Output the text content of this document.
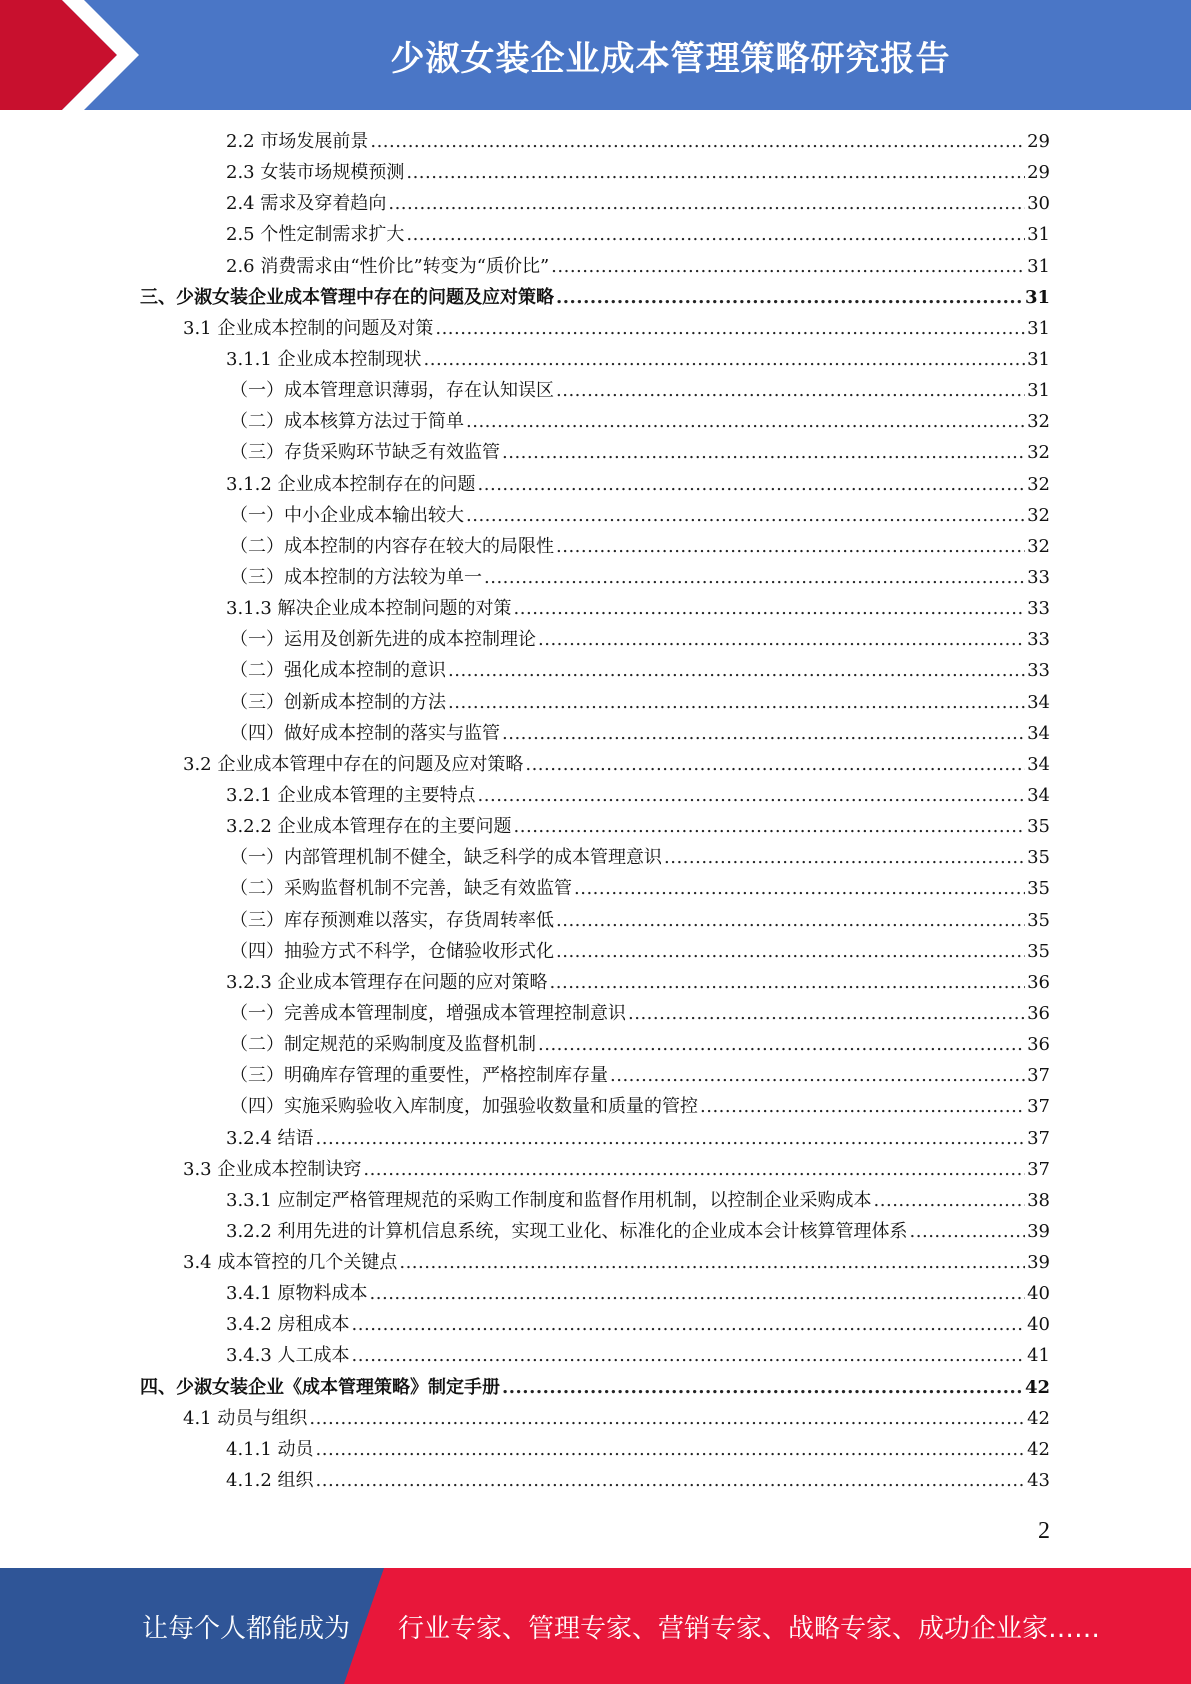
少淑女装企业成本管理策略研究报告
2.2 市场发展前景 .....	29
2.3 女装市场规模预测 .....	29
2.4 需求及穿着趋向 .....	30
2.5 个性定制需求扩大 .....	31
2.6 消费需求由“性价比”转变为“质价比” .....	31
三、少淑女装企业成本管理中存在的问题及应对策略 .....	31
3.1 企业成本控制的问题及对策 .....	31
3.1.1 企业成本控制现状 .....	31
（一）成本管理意识薄弱，存在认知误区 .....	31
（二）成本核算方法过于简单 .....	32
（三）存货采购环节缺乏有效监管 .....	32
3.1.2 企业成本控制存在的问题 .....	32
（一）中小企业成本输出较大 .....	32
（二）成本控制的内容存在较大的局限性 .....	32
（三）成本控制的方法较为单一 .....	33
3.1.3 解决企业成本控制问题的对策 .....	33
（一）运用及创新先进的成本控制理论 .....	33
（二）强化成本控制的意识 .....	33
（三）创新成本控制的方法 .....	34
（四）做好成本控制的落实与监管 .....	34
3.2 企业成本管理中存在的问题及应对策略 .....	34
3.2.1 企业成本管理的主要特点 .....	34
3.2.2 企业成本管理存在的主要问题 .....	35
（一）内部管理机制不健全，缺乏科学的成本管理意识 .....	35
（二）采购监督机制不完善，缺乏有效监管 .....	35
（三）库存预测难以落实，存货周转率低 .....	35
（四）抽验方式不科学，仓储验收形式化 .....	35
3.2.3 企业成本管理存在问题的应对策略 .....	36
（一）完善成本管理制度，增强成本管理控制意识 .....	36
（二）制定规范的采购制度及监督机制 .....	36
（三）明确库存管理的重要性，严格控制库存量 .....	37
（四）实施采购验收入库制度，加强验收数量和质量的管控 .....	37
3.2.4 结语 .....	37
3.3 企业成本控制诀窍 .....	37
3.3.1 应制定严格管理规范的采购工作制度和监督作用机制，以控制企业采购成本 .....	38
3.2.2 利用先进的计算机信息系统，实现工业化、标准化的企业成本会计核算管理体系 .....	39
3.4 成本管控的几个关键点 .....	39
3.4.1 原物料成本 .....	40
3.4.2 房租成本 .....	40
3.4.3 人工成本 .....	41
四、少淑女装企业《成本管理策略》制定手册 .....	42
4.1 动员与组织 .....	42
4.1.1 动员 .....	42
4.1.2 组织 .....	43
2
让每个人都能成为 行业专家、管理专家、营销专家、战略专家、成功企业家……
